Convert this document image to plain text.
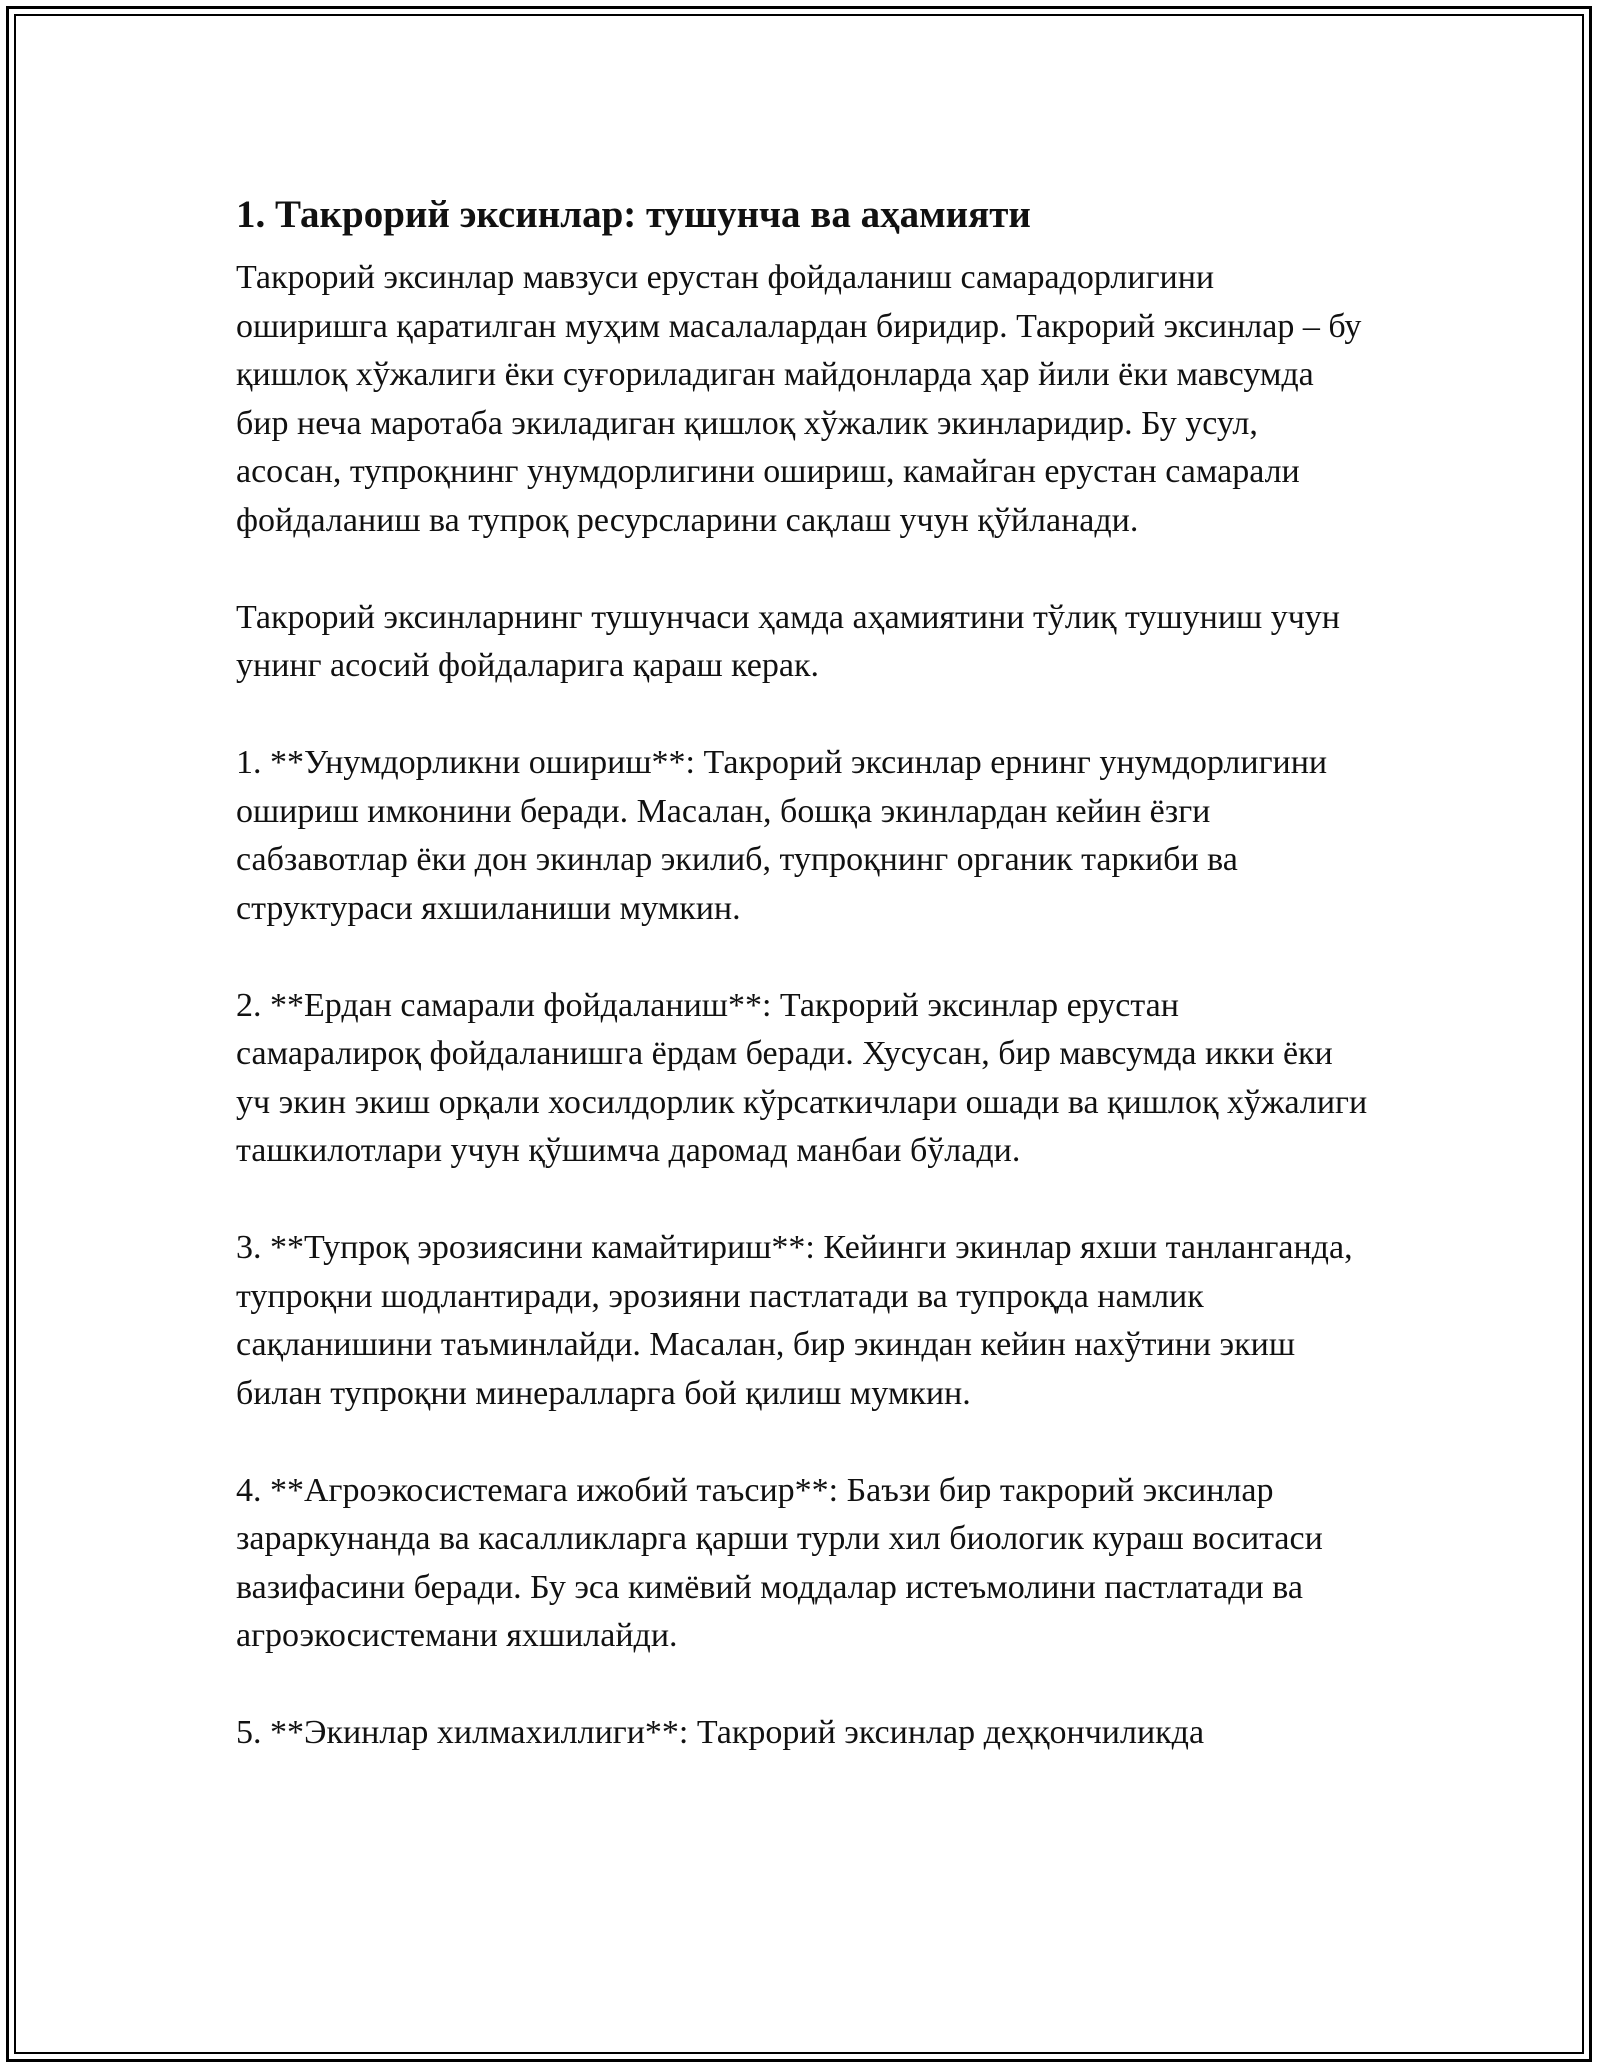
1. Такрорий эксинлар: тушунча ва аҳамияти

Такрорий эксинлар мавзуси ерустан фойдаланиш самарадорлигини оширишга қаратилган муҳим масалалардан биридир. Такрорий эксинлар – бу қишлоқ хўжалиги ёки суғориладиган майдонларда ҳар йили ёки мавсумда бир неча маротаба экиладиган қишлоқ хўжалик экинларидир. Бу усул, асосан, тупроқнинг унумдорлигини ошириш, камайган ерустан самарали фойдаланиш ва тупроқ ресурсларини сақлаш учун қўйланади.

Такрорий эксинларнинг тушунчаси ҳамда аҳамиятини тўлиқ тушуниш учун унинг асосий фойдаларига қараш керак.

1. **Унумдорликни ошириш**: Такрорий эксинлар ернинг унумдорлигини ошириш имконини беради. Масалан, бошқа экинлардан кейин ёзги сабзавотлар ёки дон экинлар экилиб, тупроқнинг органик таркиби ва структураси яхшиланиши мумкин.

2. **Ердан самарали фойдаланиш**: Такрорий эксинлар ерустан самаралироқ фойдаланишга ёрдам беради. Хусусан, бир мавсумда икки ёки уч экин экиш орқали хосилдорлик кўрсаткичлари ошади ва қишлоқ хўжалиги ташкилотлари учун қўшимча даромад манбаи бўлади.

3. **Тупроқ эрозиясини камайтириш**: Кейинги экинлар яхши танланганда, тупроқни шодлантиради, эрозияни пастлатади ва тупроқда намлик сақланишини таъминлайди. Масалан, бир экиндан кейин нахўтини экиш билан тупроқни минералларга бой қилиш мумкин.

4. **Агроэкосистемага ижобий таъсир**: Баъзи бир такрорий эксинлар зараркунанда ва касалликларга қарши турли хил биологик кураш воситаси вазифасини беради. Бу эса кимёвий моддалар истеъмолини пастлатади ва агроэкосистемани яхшилайди.

5. **Экинлар хилмахиллиги**: Такрорий эксинлар деҳқончиликда
